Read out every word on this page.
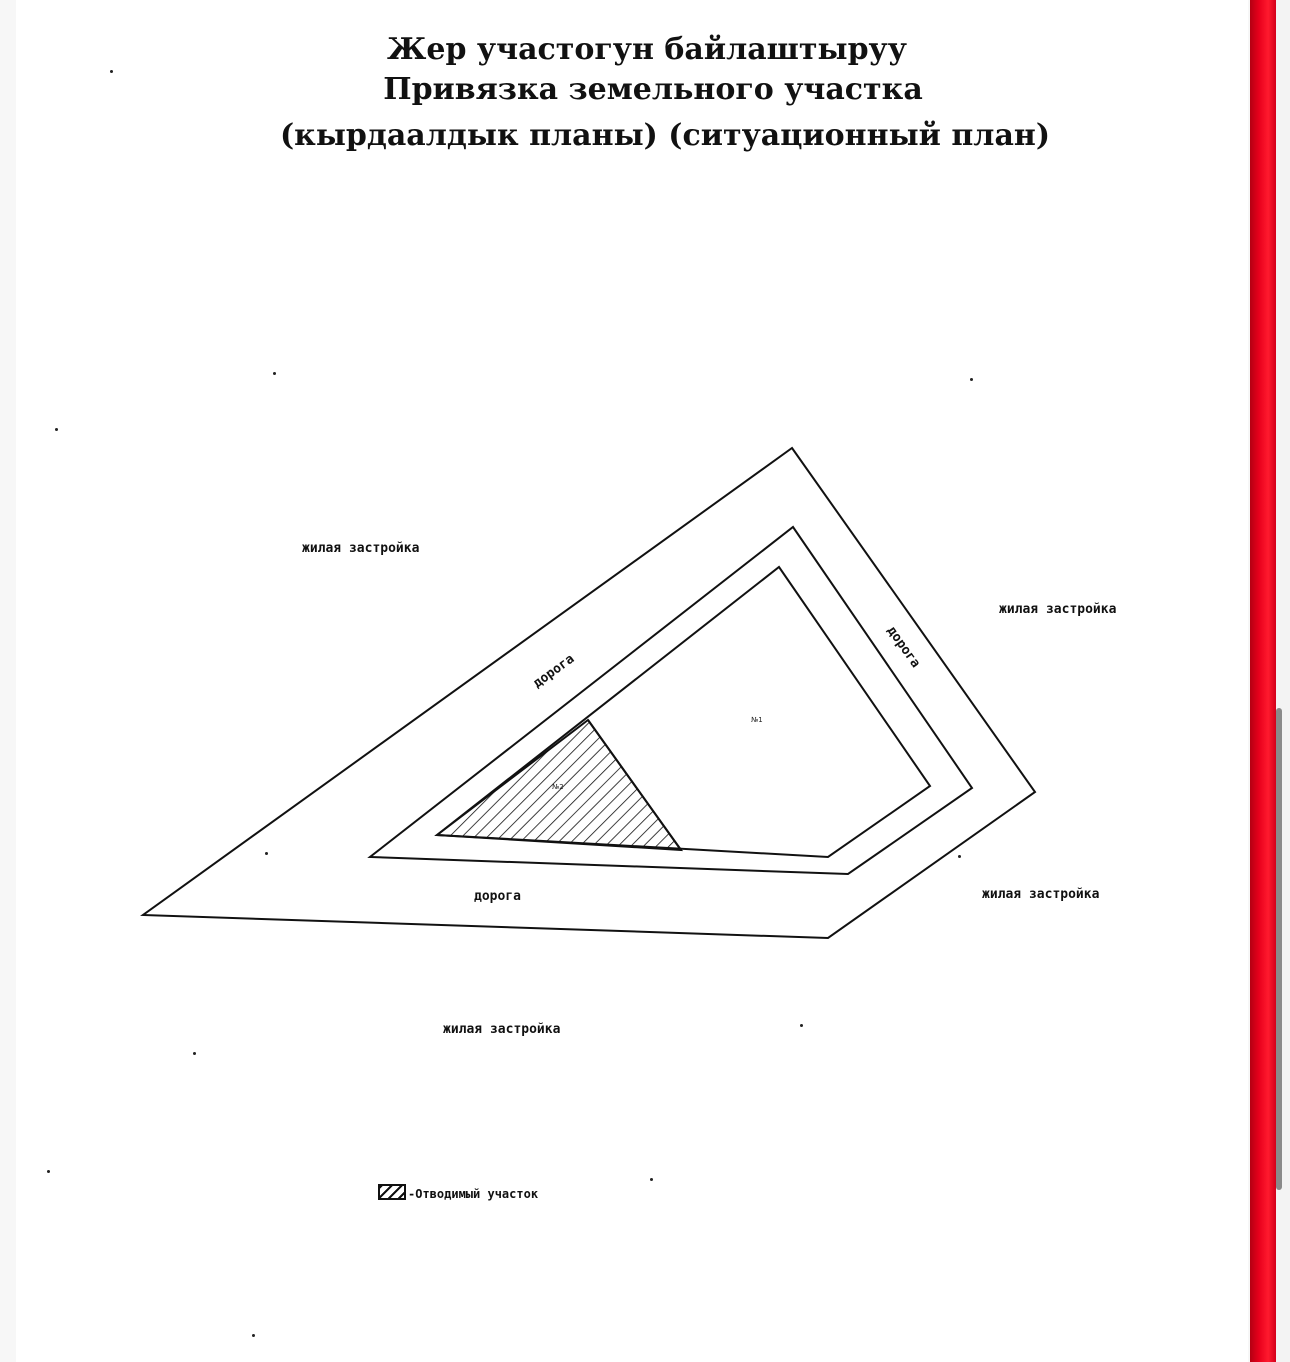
Жер участогун байлаштыруу
Привязка земельного участка
(кырдаалдык планы) (ситуационный план)
жилая застройка
жилая застройка
жилая застройка
жилая застройка
дорога
дорога
дорога
№1
№2
-Отводимый участок
